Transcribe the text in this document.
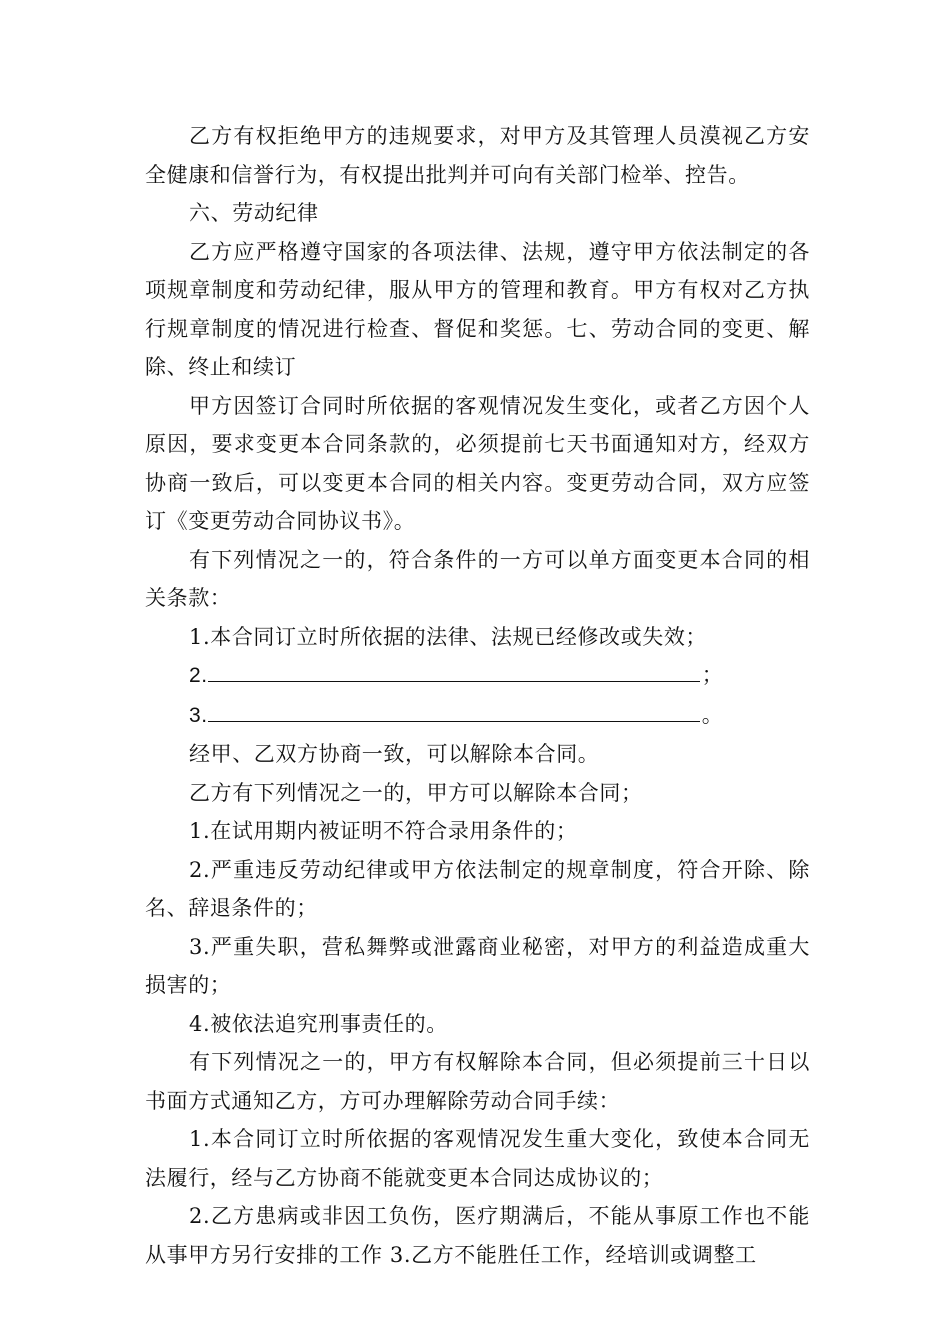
乙方有权拒绝甲方的违规要求，对甲方及其管理人员漠视乙方安全健康和信誉行为，有权提出批判并可向有关部门检举、控告。

六、劳动纪律

乙方应严格遵守国家的各项法律、法规，遵守甲方依法制定的各项规章制度和劳动纪律，服从甲方的管理和教育。甲方有权对乙方执行规章制度的情况进行检查、督促和奖惩。七、劳动合同的变更、解除、终止和续订

甲方因签订合同时所依据的客观情况发生变化，或者乙方因个人原因，要求变更本合同条款的，必须提前七天书面通知对方，经双方协商一致后，可以变更本合同的相关内容。变更劳动合同，双方应签订《变更劳动合同协议书》。

有下列情况之一的，符合条件的一方可以单方面变更本合同的相关条款：

1.本合同订立时所依据的法律、法规已经修改或失效；

2.	；

3.	。

经甲、乙双方协商一致，可以解除本合同。

乙方有下列情况之一的，甲方可以解除本合同；

1.在试用期内被证明不符合录用条件的；

2.严重违反劳动纪律或甲方依法制定的规章制度，符合开除、除名、辞退条件的；

3.严重失职，营私舞弊或泄露商业秘密，对甲方的利益造成重大损害的；

4.被依法追究刑事责任的。

有下列情况之一的，甲方有权解除本合同，但必须提前三十日以书面方式通知乙方，方可办理解除劳动合同手续：

1.本合同订立时所依据的客观情况发生重大变化，致使本合同无法履行，经与乙方协商不能就变更本合同达成协议的；

2.乙方患病或非因工负伤，医疗期满后，不能从事原工作也不能从事甲方另行安排的工作 3.乙方不能胜任工作，经培训或调整工
